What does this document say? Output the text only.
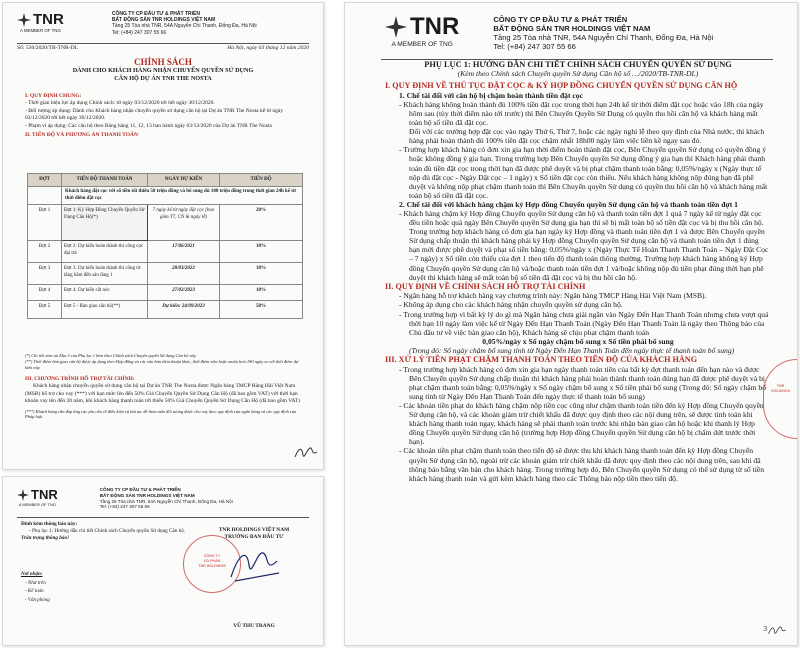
TNR
A MEMBER OF TNG
CÔNG TY CP ĐẦU TƯ & PHÁT TRIỂN
BẤT ĐỘNG SẢN TNR HOLDINGS VIỆT NAM
Tầng 25 Tòa nhà TNR, 54A Nguyễn Chí Thanh, Đống Đa, Hà Nội
Tel: (+84) 247 307 55 66
Số: 530/2020/TB-TNR-DL	Hà Nội, ngày 03 tháng 12 năm 2020
CHÍNH SÁCH
DÀNH CHO KHÁCH HÀNG NHẬN CHUYỂN QUYỀN SỬ DỤNG
CĂN HỘ DỰ ÁN TNR THE NOSTA
I. QUY ĐỊNH CHUNG:
- Thời gian hiệu lực áp dụng Chính sách: từ ngày 03/12/2020 tới hết ngày 30/12/2020.
- Đối tượng áp dụng: Dành cho Khách hàng nhận chuyển quyền sử dụng căn hộ tại Dự án TNR The Nosta kể từ ngày 03/12/2020 tới hết ngày 30/12/2020.
- Phạm vi áp dụng: Các căn hộ theo Bảng hàng 11, 12, 13 ban hành ngày 03/12/2020 của Dự án TNR The Nosta
II. TIẾN ĐỘ VÀ PHƯƠNG ÁN THANH TOÁN
ĐỢT	TIẾN ĐỘ THANH TOÁN	NGÀY DỰ KIẾN	TIẾN ĐỘ
	Khách hàng đặt cọc với số tiền tối thiểu 50 triệu đồng và bổ sung đủ 100 triệu đồng trong thời gian 24h kể từ thời điểm đặt cọc		
Đợt 1	Đợt 1: Ký Hợp Đồng Chuyển Quyền Sử Dụng Căn Hộ(*)	7 ngày kể từ ngày đặt cọc (bao gồm T7, CN & ngày lễ)	20%
Đợt 2	Đợt 2: Dự kiến hoàn thành thi công cọc đại trà	17/06/2021	10%
Đợt 3	Đợt 3: Dự kiến hoàn thành thi công từ tầng hầm đến sàn tầng 1	28/03/2022	10%
Đợt 4	Đợt 4: Dự kiến cất nóc	27/02/2023	10%
Đợt 5	Đợt 5 - Bàn giao căn hộ(**)	Dự kiến: 24/09/2023	50%
(*) Chi tiết xem tại Mục I của Phụ lục 1 kèm theo Chính sách Chuyển quyền Sử dụng Căn hộ này.
(**) Thời điểm bàn giao căn hộ được áp dụng theo Hợp đồng và các văn bản thỏa thuận khác, thời điểm sớm hoặc muộn hơn 180 ngày so với thời điểm dự kiến này.
III. CHƯƠNG TRÌNH HỖ TRỢ TÀI CHÍNH:
Khách hàng nhận chuyển quyền sử dụng căn hộ tại Dự án TNR The Nosta được Ngân hàng TMCP Hàng Hải Việt Nam (MSB) hỗ trợ cho vay (***) với hạn mức lên đến 50% Giá Chuyển Quyền Sử Dụng Căn Hộ (đã bao gồm VAT) với thời hạn khoản vay lên đến 20 năm, khi khách hàng thanh toán tới thiểu 50% Giá Chuyển Quyền Sử Dụng Căn Hộ (đã bao gồm VAT)
(***) Khách hàng cần đáp ứng các yêu cầu về điều kiện và thủ tục để thỏa mãn đối tượng được cho vay theo quy định của ngân hàng và các quy định của Pháp luật
TNR
A MEMBER OF TNG
CÔNG TY CP ĐẦU TƯ & PHÁT TRIỂN
BẤT ĐỘNG SẢN TNR HOLDINGS VIỆT NAM
Tầng 25 Tòa nhà TNR, 54A Nguyễn Chí Thanh, Đống Đa, Hà Nội
Tel: (+84) 247 307 55 66
Đính kèm thông báo này:
- Phụ lục 1: Hướng dẫn chi tiết Chính sách Chuyển quyền Sử dụng Căn hộ.
Trân trọng thông báo!
Nơi nhận:
- Như trên
- Kế toán
- Văn phòng
TNR HOLDINGS VIỆT NAM
TRƯỞNG BAN ĐẦU TƯ
CÔNG TY
CỔ PHẦN
TNR HOLDINGS
VŨ THU TRANG
TNR
A MEMBER OF TNG
CÔNG TY CP ĐẦU TƯ & PHÁT TRIỂN
BẤT ĐỘNG SẢN TNR HOLDINGS VIỆT NAM
Tầng 25 Tòa nhà TNR, 54A Nguyễn Chí Thanh, Đống Đa, Hà Nội
Tel: (+84) 247 307 55 66
PHỤ LỤC 1: HƯỚNG DẪN CHI TIẾT CHÍNH SÁCH CHUYỂN QUYỀN SỬ DỤNG
(Kèm theo Chính sách Chuyển quyền Sử dụng Căn hộ số …/2020/TB-TNR-DL)

I. QUY ĐỊNH VỀ THỦ TỤC ĐẶT CỌC & KÝ HỢP ĐỒNG CHUYỂN QUYỀN SỬ DỤNG CĂN HỘ

1. Chế tài đối với căn hộ bị chậm hoàn thành tiền đặt cọc

- Khách hàng không hoàn thành đủ 100% tiền đặt cọc trong thời hạn 24h kể từ thời điểm đặt cọc hoặc vào 18h của ngày hôm sau (tùy thời điểm nào tới trước) thì Bên Chuyển Quyền Sử Dụng có quyền thu hồi căn hộ và khách hàng mất toàn bộ số tiền đã đặt cọc.

Đối với các trường hợp đặt cọc vào ngày Thứ 6, Thứ 7, hoặc các ngày nghỉ lễ theo quy định của Nhà nước, thì khách hàng phải hoàn thành đủ 100% tiền đặt cọc chậm nhất 18h00 ngày làm việc liền kề ngay sau đó.

- Trường hợp khách hàng có đơn xin gia hạn thời điểm hoàn thành đặt cọc, Bên Chuyển quyền Sử dụng có quyền đồng ý hoặc không đồng ý gia hạn. Trong trường hợp Bên Chuyển quyền Sử dụng đồng ý gia hạn thì Khách hàng phải thanh toán đủ tiền đặt cọc trong thời hạn đã được phê duyệt và bị phạt chậm thanh toán bằng: 0,05%/ngày x (Ngày thực tế nộp đủ đặt cọc - Ngày Đặt cọc – 1 ngày) x Số tiền đặt cọc còn thiếu. Nếu khách hàng không nộp đúng hạn đã phê duyệt và không nộp phạt chậm thanh toán thì Bên Chuyển quyền Sử dụng có quyền thu hồi căn hộ và khách hàng mất toàn bộ số tiền đã đặt cọc.

2. Chế tài đối với khách hàng chậm ký Hợp đồng Chuyển quyền Sử dụng căn hộ và thanh toán tiền đợt 1

- Khách hàng chậm ký Hợp đồng Chuyển quyền Sử dụng căn hộ và thanh toán tiền đợt 1 quá 7 ngày kể từ ngày đặt cọc đều tiền hoặc quá ngày Bên Chuyển quyền Sử dụng gia hạn thì sẽ bị mất toàn bộ số tiền đặt cọc và bị thu hồi căn hộ. Trong trường hợp khách hàng có đơn gia hạn ngày ký Hợp đồng và thanh toán tiền đợt 1 và được Bên Chuyển quyền Sử dụng chấp thuận thì khách hàng phải ký Hợp đồng Chuyển quyền Sử dụng căn hộ và thanh toán tiền đợt 1 đúng hạn mới được phê duyệt và phạt số tiền bằng: 0,05%/ngày x (Ngày Thực Tế Hoàn Thanh Thanh Toán – Ngày Đặt Cọc – 7 ngày) x Số tiền còn thiếu của đợt 1 theo tiến độ thanh toán thông thường. Trường hợp khách hàng không ký Hợp đồng Chuyển quyền Sử dụng căn hộ và/hoặc thanh toán tiền đợt 1 và/hoặc không nộp đủ tiền phạt đúng thời hạn phê duyệt thì khách hàng sẽ mất toàn bộ số tiền đã đặt cọc và bị thu hồi căn hộ.

II. QUY ĐỊNH VỀ CHÍNH SÁCH HỖ TRỢ TÀI CHÍNH

- Ngân hàng hỗ trợ khách hàng vay chương trình này: Ngân hàng TMCP Hàng Hải Việt Nam (MSB).

- Không áp dụng cho các khách hàng nhận chuyển quyền sử dụng căn hộ.

- Trong trường hợp vì bất kỳ lý do gì mà Ngân hàng chưa giải ngân vào Ngày Đến Hạn Thanh Toán nhưng chưa vượt quá thời hạn 10 ngày làm việc kể từ Ngày Đến Hạn Thanh Toán (Ngày Đến Hạn Thanh Toán là ngày theo Thông báo của Chủ đầu tư về việc bàn giao căn hộ), Khách hàng sẽ chịu phạt chậm thanh toán

0,05%/ngày x Số ngày chậm bổ sung x Số tiền phải bổ sung

(Trong đó: Số ngày chậm bổ sung tính từ Ngày Đến Hạn Thanh Toán đến ngày thực tế thanh toán bổ sung)

III. XỬ LÝ TIỀN PHẠT CHẬM THANH TOÁN THEO TIẾN ĐỘ CỦA KHÁCH HÀNG

- Trong trường hợp khách hàng có đơn xin gia hạn ngày thanh toán tiền của bất kỳ đợt thanh toán đến hạn nào và được Bên Chuyển quyền Sử dụng chấp thuận thì khách hàng phải hoàn thành thanh toán đúng hạn đã được phê duyệt và bị phạt chậm thanh toán bằng: 0,05%/ngày x Số ngày chậm bổ sung x Số tiền phải bổ sung (Trong đó: Số ngày chậm bổ sung tính từ Ngày Đến Hạn Thanh Toán đến ngày thực tế thanh toán bổ sung)

- Các khoản tiền phạt do khách hàng chậm nộp tiền cọc cũng như chậm thanh toán tiền đến kỳ Hợp đồng Chuyển quyền Sử dụng căn hộ, và các khoản giảm trừ chiết khấu đã được quy định theo các nội dung trên, sẽ được tính toán khi khách hàng thanh toán ngay, khách hàng sẽ phải thanh toán trước khi nhận bàn giao căn hộ hoặc khi thanh lý Hợp đồng Chuyển quyền Sử dụng căn hộ (trường hợp Hợp đồng Chuyển quyền Sử dụng căn hộ bị chấm dứt trước thời hạn).

- Các khoản tiền phạt chậm thanh toán theo tiến độ sẽ được thu khi khách hàng thanh toán đến kỳ Hợp đồng Chuyển quyền Sử dụng căn hộ, ngoài trừ các khoản giảm trừ chiết khấu đã được quy định theo các nội dung trên, sau khi đã thông báo bằng văn bản cho khách hàng. Trong trường hợp đó, Bên Chuyển quyền Sử dụng có thể sử dụng từ số tiền khách hàng thanh toán và gửi kèm khách hàng theo các Thông báo nộp tiền theo tiến độ.

TNR
HOLDINGS
3
